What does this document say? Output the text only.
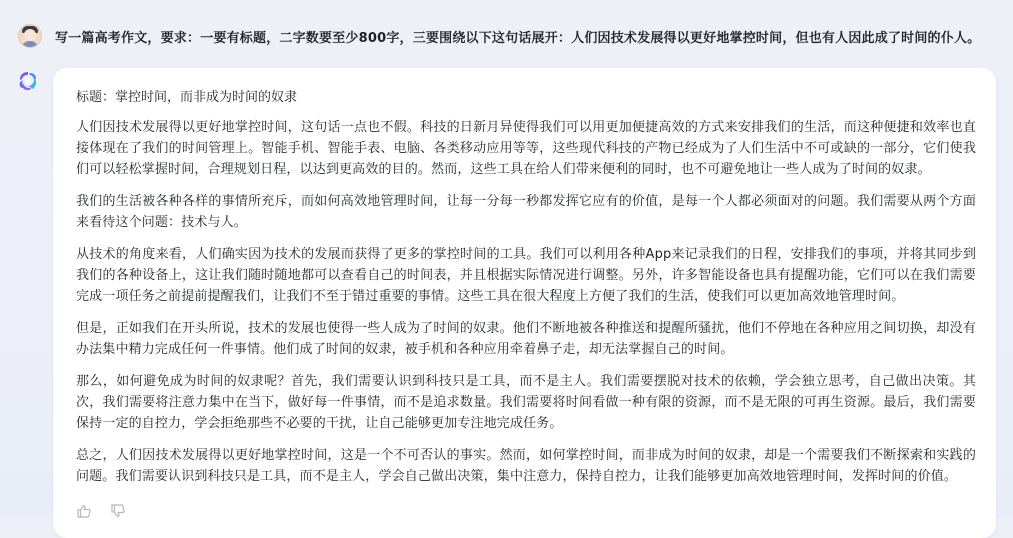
写一篇高考作文，要求：一要有标题，二字数要至少800字，三要围绕以下这句话展开：人们因技术发展得以更好地掌控时间，但也有人因此成了时间的仆人。

标题：掌控时间，而非成为时间的奴隶

人们因技术发展得以更好地掌控时间，这句话一点也不假。科技的日新月异使得我们可以用更加便捷高效的方式来安排我们的生活，而这种便捷和效率也直接体现在了我们的时间管理上。智能手机、智能手表、电脑、各类移动应用等等，这些现代科技的产物已经成为了人们生活中不可或缺的一部分，它们使我们可以轻松掌握时间，合理规划日程，以达到更高效的目的。然而，这些工具在给人们带来便利的同时，也不可避免地让一些人成为了时间的奴隶。

我们的生活被各种各样的事情所充斥，而如何高效地管理时间，让每一分每一秒都发挥它应有的价值，是每一个人都必须面对的问题。我们需要从两个方面来看待这个问题：技术与人。

从技术的角度来看，人们确实因为技术的发展而获得了更多的掌控时间的工具。我们可以利用各种App来记录我们的日程，安排我们的事项，并将其同步到我们的各种设备上，这让我们随时随地都可以查看自己的时间表，并且根据实际情况进行调整。另外，许多智能设备也具有提醒功能，它们可以在我们需要完成一项任务之前提前提醒我们，让我们不至于错过重要的事情。这些工具在很大程度上方便了我们的生活，使我们可以更加高效地管理时间。

但是，正如我们在开头所说，技术的发展也使得一些人成为了时间的奴隶。他们不断地被各种推送和提醒所骚扰，他们不停地在各种应用之间切换，却没有办法集中精力完成任何一件事情。他们成了时间的奴隶，被手机和各种应用牵着鼻子走，却无法掌握自己的时间。

那么，如何避免成为时间的奴隶呢？首先，我们需要认识到科技只是工具，而不是主人。我们需要摆脱对技术的依赖，学会独立思考，自己做出决策。其次，我们需要将注意力集中在当下，做好每一件事情，而不是追求数量。我们需要将时间看做一种有限的资源，而不是无限的可再生资源。最后，我们需要保持一定的自控力，学会拒绝那些不必要的干扰，让自己能够更加专注地完成任务。

总之，人们因技术发展得以更好地掌控时间，这是一个不可否认的事实。然而，如何掌控时间，而非成为时间的奴隶，却是一个需要我们不断探索和实践的问题。我们需要认识到科技只是工具，而不是主人，学会自己做出决策，集中注意力，保持自控力，让我们能够更加高效地管理时间，发挥时间的价值。
